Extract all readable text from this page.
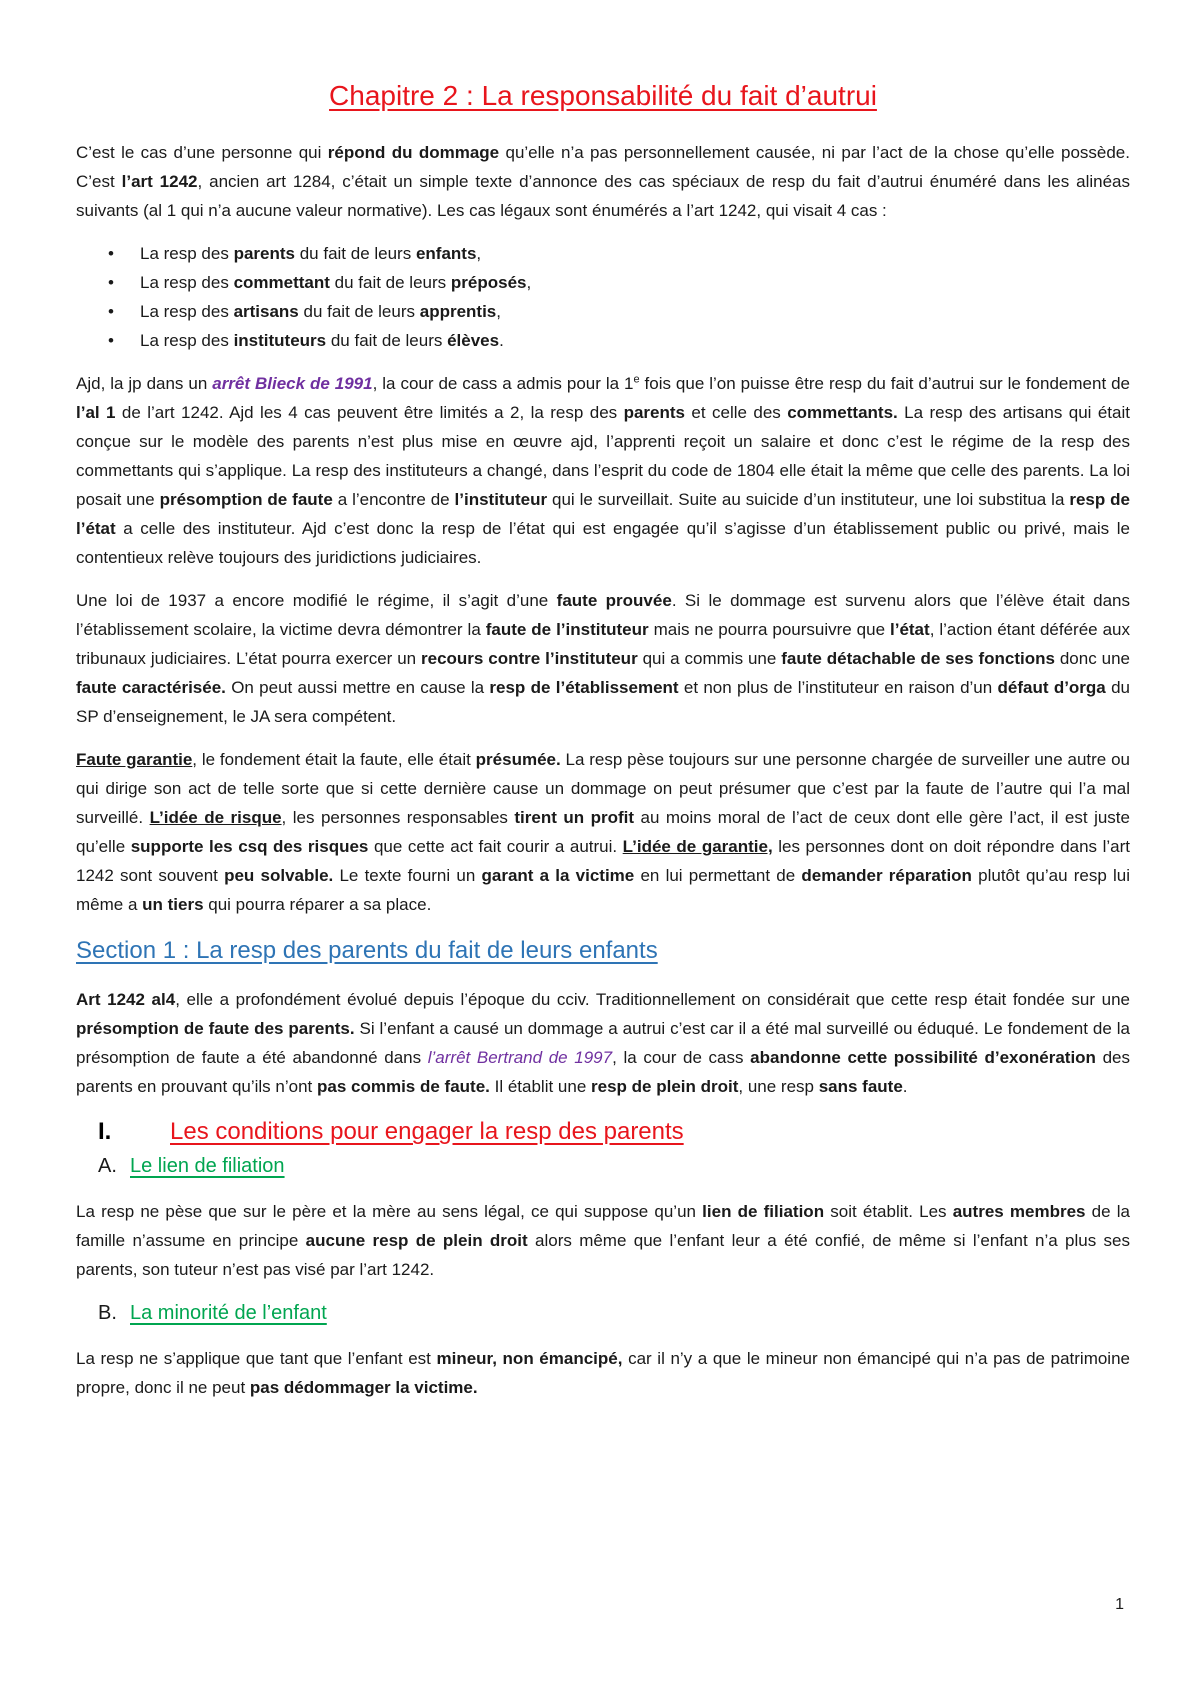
Chapitre 2 : La responsabilité du fait d’autrui

C’est le cas d’une personne qui répond du dommage qu’elle n’a pas personnellement causée, ni par l’act de la chose qu’elle possède. C’est l’art 1242, ancien art 1284, c’était un simple texte d’annonce des cas spéciaux de resp du fait d’autrui énuméré dans les alinéas suivants (al 1 qui n’a aucune valeur normative). Les cas légaux sont énumérés a l’art 1242, qui visait 4 cas :

• La resp des parents du fait de leurs enfants,
• La resp des commettant du fait de leurs préposés,
• La resp des artisans du fait de leurs apprentis,
• La resp des instituteurs du fait de leurs élèves.

Ajd, la jp dans un arrêt Blieck de 1991, la cour de cass a admis pour la 1e fois que l’on puisse être resp du fait d’autrui sur le fondement de l’al 1 de l’art 1242. Ajd les 4 cas peuvent être limités a 2, la resp des parents et celle des commettants. La resp des artisans qui était conçue sur le modèle des parents n’est plus mise en œuvre ajd, l’apprenti reçoit un salaire et donc c’est le régime de la resp des commettants qui s’applique. La resp des instituteurs a changé, dans l’esprit du code de 1804 elle était la même que celle des parents. La loi posait une présomption de faute a l’encontre de l’instituteur qui le surveillait. Suite au suicide d’un instituteur, une loi substitua la resp de l’état a celle des instituteur. Ajd c’est donc la resp de l’état qui est engagée qu’il s’agisse d’un établissement public ou privé, mais le contentieux relève toujours des juridictions judiciaires.

Une loi de 1937 a encore modifié le régime, il s’agit d’une faute prouvée. Si le dommage est survenu alors que l’élève était dans l’établissement scolaire, la victime devra démontrer la faute de l’instituteur mais ne pourra poursuivre que l’état, l’action étant déférée aux tribunaux judiciaires. L’état pourra exercer un recours contre l’instituteur qui a commis une faute détachable de ses fonctions donc une faute caractérisée. On peut aussi mettre en cause la resp de l’établissement et non plus de l’instituteur en raison d’un défaut d’orga du SP d’enseignement, le JA sera compétent.

Faute garantie, le fondement était la faute, elle était présumée. La resp pèse toujours sur une personne chargée de surveiller une autre ou qui dirige son act de telle sorte que si cette dernière cause un dommage on peut présumer que c’est par la faute de l’autre qui l’a mal surveillé. L’idée de risque, les personnes responsables tirent un profit au moins moral de l’act de ceux dont elle gère l’act, il est juste qu’elle supporte les csq des risques que cette act fait courir a autrui. L’idée de garantie, les personnes dont on doit répondre dans l’art 1242 sont souvent peu solvable. Le texte fourni un garant a la victime en lui permettant de demander réparation plutôt qu’au resp lui même a un tiers qui pourra réparer a sa place.

Section 1 : La resp des parents du fait de leurs enfants

Art 1242 al4, elle a profondément évolué depuis l’époque du cciv. Traditionnellement on considérait que cette resp était fondée sur une présomption de faute des parents. Si l’enfant a causé un dommage a autrui c’est car il a été mal surveillé ou éduqué. Le fondement de la présomption de faute a été abandonné dans l’arrêt Bertrand de 1997, la cour de cass abandonne cette possibilité d’exonération des parents en prouvant qu’ils n’ont pas commis de faute. Il établit une resp de plein droit, une resp sans faute.

I. Les conditions pour engager la resp des parents
A. Le lien de filiation

La resp ne pèse que sur le père et la mère au sens légal, ce qui suppose qu’un lien de filiation soit établit. Les autres membres de la famille n’assume en principe aucune resp de plein droit alors même que l’enfant leur a été confié, de même si l’enfant n’a plus ses parents, son tuteur n’est pas visé par l’art 1242.

B. La minorité de l’enfant

La resp ne s’applique que tant que l’enfant est mineur, non émancipé, car il n’y a que le mineur non émancipé qui n’a pas de patrimoine propre, donc il ne peut pas dédommager la victime.

1
